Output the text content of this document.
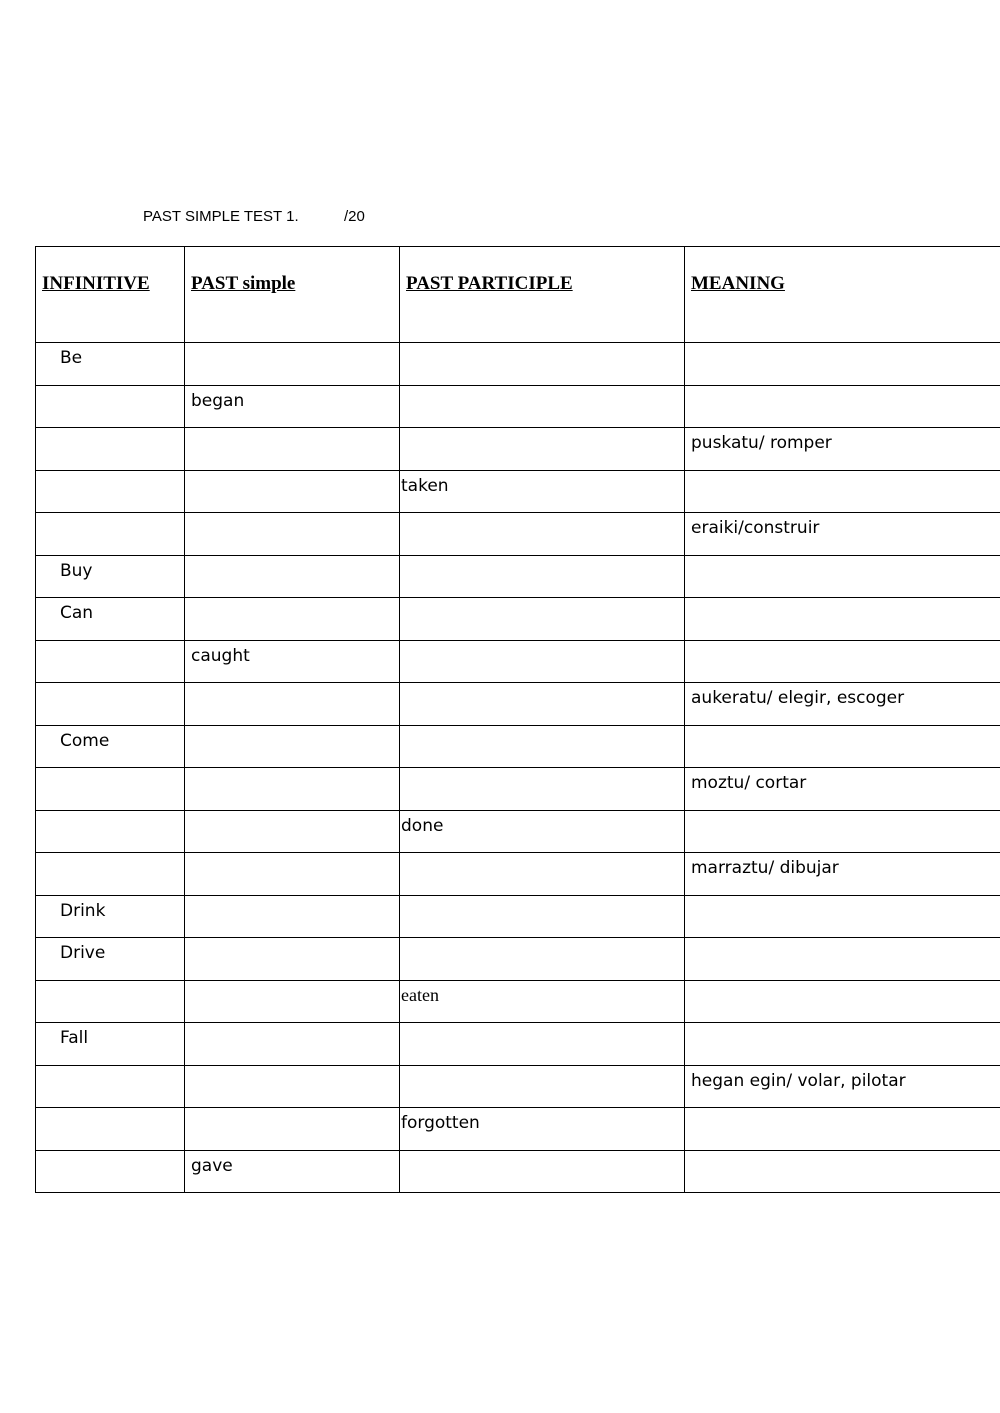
PAST SIMPLE TEST 1.	/20
INFINITIVE	PAST simple	PAST PARTICIPLE	MEANING

Be			

	began		

			puskatu/ romper

		taken	

			eraiki/construir

Buy			

Can			

	caught		

			aukeratu/ elegir, escoger

Come			

			moztu/ cortar

		done	

			marraztu/ dibujar

Drink			

Drive			

		eaten	

Fall			

			hegan egin/ volar, pilotar

		forgotten	

	gave		
